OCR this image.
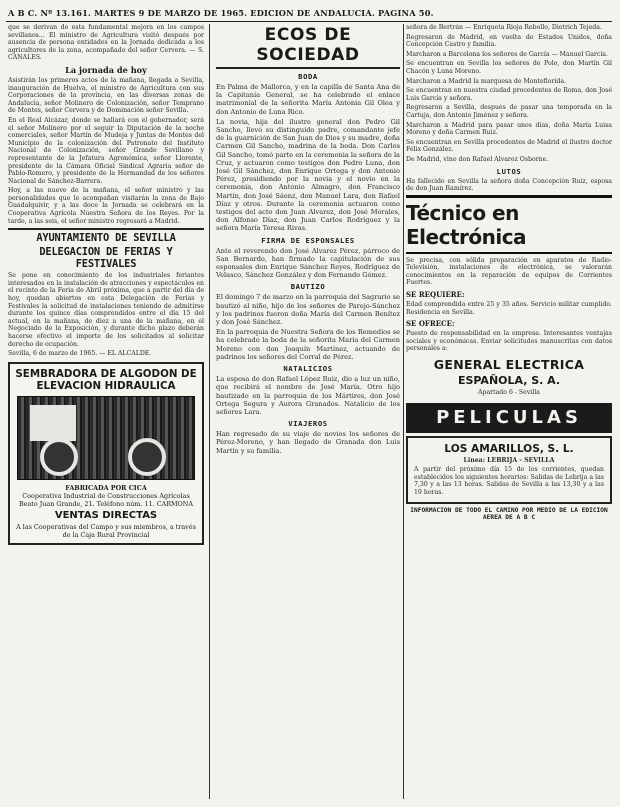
A B C. Nº 13.161. MARTES 9 DE MARZO DE 1965. EDICION DE ANDALUCIA. PAGINA 50.

que se derivan de esta fundamental mejora en los campos sevillanos... El ministro de Agricultura visitó después por ausencia de persona entidades en la Jornada dedicada a los agricultores de la zona, acompañado del señor Cervera. — S. CANALES.

La jornada de hoy

Asistirán los primeros actos de la mañana, llegada a Sevilla, inauguración de Huelva, el ministro de Agricultura con sus Corporaciones de la provincia, en las diversas zonas de Andalucía, señor Molinero de Colonización, señor Temprano de Montes, señor Cervera y de Dominación señor Sevilla.

En el Real Alcázar, donde se hallará con el gobernador, será el señor Molinero por el seguir la Diputación de la noche comerciales, señor Martín de Mudeja y Juntas de Montes del Municipio de la colonización del Patronato del Instituto Nacional de Colonización, señor Grande Sevillano y representante de la Jefatura Agronómica, señor Llorente, presidente de la Cámara Oficial Sindical Agraria señor de Pablo-Romero, y presidente de la Hermandad de los señores Nacional de Sánchez-Barrera.

Hoy, a las nueve de la mañana, el señor ministro y las personalidades que le acompañan visitarán la zona de Bajo Guadalquivir, y a las doce la Jornada se celebrará en la Cooperativa Agrícola Nuestra Señora de los Reyes. Por la tarde, a las seis, el señor ministro regresará a Madrid.

AYUNTAMIENTO DE SEVILLA
DELEGACION DE FERIAS Y FESTIVALES

Se pone en conocimiento de los industriales feriantes interesados en la instalación de atracciones y espectáculos en el recinto de la Feria de Abril próxima, que a partir del día de hoy, quedan abiertos en esta Delegación de Ferias y Festivales la solicitud de instalaciones teniendo de admitirse durante los quince días comprendidos entre el día 15 del actual, en la mañana, de diez a una de la mañana, en el Negociado de la Exposición, y durante dicho plazo deberán hacerse efectivo el importe de los solicitados al solicitar derecho de ocupación.

Sevilla, 6 de marzo de 1965. — EL ALCALDE.

SEMBRADORA DE ALGODON DE ELEVACION HIDRAULICA
FABRICADA POR CICA
Cooperativa Industrial de Construcciones Agrícolas
Beato Juan Grande, 21. Teléfono núm. 11. CARMONA
VENTAS DIRECTAS
A las Cooperativas del Campo y sus miembros, a través de la Caja Rural Provincial
ECOS DE SOCIEDAD
BODA

En Palma de Mallorca, y en la capilla de Santa Ana de la Capitanía General, se ha celebrado el enlace matrimonial de la señorita María Antonia Gil Olea y don Antonio de Luna Rico.

La novia, hija del ilustre general don Pedro Gil Sancho, llevó su distinguido padre, comandante jefe de la guarnición de San Juan de Dios y su madre, doña Carmen Gil Sancho, madrina de la boda. Don Carlos Gil Sancho, tomó parte en la ceremonia la señora de la Cruz, y actuaron como testigos don Pedro Luna, don José Gil Sánchez, don Enrique Ortega y don Antonio Pérez, presidiendo por la novia y el novio en la ceremonia, don Antonio Almagro, don Francisco Martín, don José Sáenz, don Manuel Lara, don Rafael Díaz y otros. Durante la ceremonia actuaron como testigos del acto don Juan Alvarez, don José Morales, don Alfonso Díaz, don Juan Carlos Rodríguez y la señora María Teresa Rivas.

FIRMA DE ESPONSALES

Ante el reverendo don José Alvarez Pérez, párroco de San Bernardo, han firmado la capitulación de sus esponsales don Enrique Sánchez Reyes, Rodríguez de Velasco, Sánchez González y don Fernando Gómez.

BAUTIZO

El domingo 7 de marzo en la parroquia del Sagrario se bautizó al niño, hijo de los señores de Parejo-Sánchez y los padrinos fueron doña María del Carmen Benítez y don José Sánchez.

En la parroquia de Nuestra Señora de los Remedios se ha celebrado la boda de la señorita María del Carmen Moreno con don Joaquín Martínez, actuando de padrinos los señores del Corral de Pérez.

NATALICIOS

La esposa de don Rafael López Ruiz, dio a luz un niño, que recibirá el nombre de José María. Otro hijo bautizado en la parroquia de los Mártires, don José Ortega Segura y Aurora Granados. Natalicio de los señores Lara.

VIAJEROS

Han regresado de su viaje de novios los señores de Pérez-Moreno, y han llegado de Granada don Luis Martín y su familia.

señora de Bertrán — Enriqueta Rioja Rebollo, Dietrich Tejeda.

Regresaron de Madrid, en vuelta de Estados Unidos, doña Concepción Castro y familia.

Marcharon a Barcelona los señores de García — Manuel García.

Se encuentran en Sevilla los señores de Polo, don Martín Gil Chacón y Luna Moreno.

Marcharon a Madrid la marquesa de Monteflorida.

Se encuentran en nuestra ciudad procedentes de Roma, don José Luis García y señora.

Regresaron a Sevilla, después de pasar una temporada en la Cartuja, don Antonio Jiménez y señora.

Marcharon a Madrid para pasar unos días, doña María Luisa Moreno y doña Carmen Ruiz.

Se encuentran en Sevilla procedentes de Madrid el ilustre doctor Félix González.

De Madrid, vino don Rafael Alvarez Osborne.

LUTOS

Ha fallecido en Sevilla la señora doña Concepción Ruiz, esposa de don Juan Ramírez.

Técnico en Electrónica

Se precisa, con sólida preparación en aparatos de Radio-Televisión, instalaciones de electrónica, se valorarán conocimientos en la reparación de equipos de Corrientes Fuertes.

SE REQUIERE:

Edad comprendida entre 25 y 35 años. Servicio militar cumplido. Residencia en Sevilla.

SE OFRECE:

Puesto de responsabilidad en la empresa. Interesantes ventajas sociales y económicas. Enviar solicitudes manuscritas con datos personales a:

GENERAL ELECTRICA
ESPAÑOLA, S. A.
Apartado 6 - Sevilla
PELICULAS
LOS AMARILLOS, S. L.
Linea: LEBRIJA - SEVILLA

A partir del próximo día 15 de los corrientes, quedan establecidos los siguientes horarios: Salidas de Lebrija a las 7,30 y a las 13 horas. Salidas de Sevilla a las 13,30 y a las 19 horas.

INFORMACION DE TODO EL CAMINO POR MEDIO DE LA EDICION AEREA DE A B C
